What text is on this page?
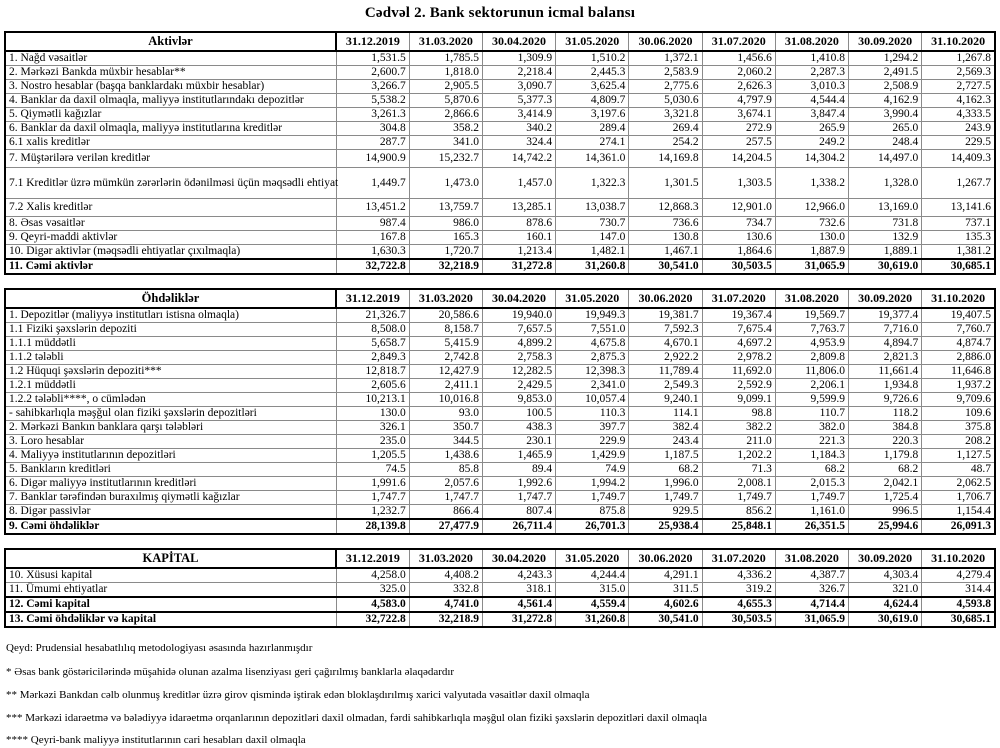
Cədvəl 2. Bank sektorunun icmal balansı
Aktivlər	31.12.2019	31.03.2020	30.04.2020	31.05.2020	30.06.2020	31.07.2020	31.08.2020	30.09.2020	31.10.2020
1. Nağd vəsaitlər	1,531.5	1,785.5	1,309.9	1,510.2	1,372.1	1,456.6	1,410.8	1,294.2	1,267.8
2. Mərkəzi Bankda müxbir hesablar**	2,600.7	1,818.0	2,218.4	2,445.3	2,583.9	2,060.2	2,287.3	2,491.5	2,569.3
3. Nostro hesablar (başqa banklardakı müxbir hesablar)	3,266.7	2,905.5	3,090.7	3,625.4	2,775.6	2,626.3	3,010.3	2,508.9	2,727.5
4. Banklar da daxil olmaqla, maliyyə institutlarındakı depozitlər	5,538.2	5,870.6	5,377.3	4,809.7	5,030.6	4,797.9	4,544.4	4,162.9	4,162.3
5. Qiymətli kağızlar	3,261.3	2,866.6	3,414.9	3,197.6	3,321.8	3,674.1	3,847.4	3,990.4	4,333.5
6. Banklar da daxil olmaqla, maliyyə institutlarına kreditlər	304.8	358.2	340.2	289.4	269.4	272.9	265.9	265.0	243.9
6.1 xalis kreditlər	287.7	341.0	324.4	274.1	254.2	257.5	249.2	248.4	229.5
7. Müştərilərə verilən kreditlər	14,900.9	15,232.7	14,742.2	14,361.0	14,169.8	14,204.5	14,304.2	14,497.0	14,409.3
7.1 Kreditlər üzrə mümkün zərərlərin ödənilməsi üçün məqsədli ehtiyat	1,449.7	1,473.0	1,457.0	1,322.3	1,301.5	1,303.5	1,338.2	1,328.0	1,267.7
7.2 Xalis kreditlər	13,451.2	13,759.7	13,285.1	13,038.7	12,868.3	12,901.0	12,966.0	13,169.0	13,141.6
8. Əsas vəsaitlər	987.4	986.0	878.6	730.7	736.6	734.7	732.6	731.8	737.1
9. Qeyri-maddi aktivlər	167.8	165.3	160.1	147.0	130.8	130.6	130.0	132.9	135.3
10. Digər aktivlər (məqsədli ehtiyatlar çıxılmaqla)	1,630.3	1,720.7	1,213.4	1,482.1	1,467.1	1,864.6	1,887.9	1,889.1	1,381.2
11. Cəmi aktivlər	32,722.8	32,218.9	31,272.8	31,260.8	30,541.0	30,503.5	31,065.9	30,619.0	30,685.1
Öhdəliklər	31.12.2019	31.03.2020	30.04.2020	31.05.2020	30.06.2020	31.07.2020	31.08.2020	30.09.2020	31.10.2020
1. Depozitlər (maliyyə institutları istisna olmaqla)	21,326.7	20,586.6	19,940.0	19,949.3	19,381.7	19,367.4	19,569.7	19,377.4	19,407.5
1.1 Fiziki şəxslərin depoziti	8,508.0	8,158.7	7,657.5	7,551.0	7,592.3	7,675.4	7,763.7	7,716.0	7,760.7
1.1.1 müddətli	5,658.7	5,415.9	4,899.2	4,675.8	4,670.1	4,697.2	4,953.9	4,894.7	4,874.7
1.1.2 tələbli	2,849.3	2,742.8	2,758.3	2,875.3	2,922.2	2,978.2	2,809.8	2,821.3	2,886.0
1.2 Hüquqi şəxslərin depoziti***	12,818.7	12,427.9	12,282.5	12,398.3	11,789.4	11,692.0	11,806.0	11,661.4	11,646.8
1.2.1 müddətli	2,605.6	2,411.1	2,429.5	2,341.0	2,549.3	2,592.9	2,206.1	1,934.8	1,937.2
1.2.2 tələbli****, o cümlədən	10,213.1	10,016.8	9,853.0	10,057.4	9,240.1	9,099.1	9,599.9	9,726.6	9,709.6
- sahibkarlıqla məşğul olan fiziki şəxslərin depozitləri	130.0	93.0	100.5	110.3	114.1	98.8	110.7	118.2	109.6
2. Mərkəzi Bankın banklara qarşı tələbləri	326.1	350.7	438.3	397.7	382.4	382.2	382.0	384.8	375.8
3. Loro hesablar	235.0	344.5	230.1	229.9	243.4	211.0	221.3	220.3	208.2
4. Maliyyə institutlarının depozitləri	1,205.5	1,438.6	1,465.9	1,429.9	1,187.5	1,202.2	1,184.3	1,179.8	1,127.5
5. Bankların kreditləri	74.5	85.8	89.4	74.9	68.2	71.3	68.2	68.2	48.7
6. Digər maliyyə institutlarının kreditləri	1,991.6	2,057.6	1,992.6	1,994.2	1,996.0	2,008.1	2,015.3	2,042.1	2,062.5
7. Banklar tərəfindən buraxılmış qiymətli kağızlar	1,747.7	1,747.7	1,747.7	1,749.7	1,749.7	1,749.7	1,749.7	1,725.4	1,706.7
8. Digər passivlər	1,232.7	866.4	807.4	875.8	929.5	856.2	1,161.0	996.5	1,154.4
9. Cəmi öhdəliklər	28,139.8	27,477.9	26,711.4	26,701.3	25,938.4	25,848.1	26,351.5	25,994.6	26,091.3
KAPİTAL	31.12.2019	31.03.2020	30.04.2020	31.05.2020	30.06.2020	31.07.2020	31.08.2020	30.09.2020	31.10.2020
10. Xüsusi kapital	4,258.0	4,408.2	4,243.3	4,244.4	4,291.1	4,336.2	4,387.7	4,303.4	4,279.4
11. Ümumi ehtiyatlar	325.0	332.8	318.1	315.0	311.5	319.2	326.7	321.0	314.4
12. Cəmi kapital	4,583.0	4,741.0	4,561.4	4,559.4	4,602.6	4,655.3	4,714.4	4,624.4	4,593.8
13. Cəmi öhdəliklər və kapital	32,722.8	32,218.9	31,272.8	31,260.8	30,541.0	30,503.5	31,065.9	30,619.0	30,685.1
Qeyd: Prudensial hesabatlılıq metodologiyası əsasında hazırlanmışdır
* Əsas bank göstəricilərində müşahidə olunan azalma lisenziyası geri çağırılmış banklarla əlaqədardır
** Mərkəzi Bankdan cəlb olunmuş kreditlər üzrə girov qismində iştirak edən bloklaşdırılmış xarici valyutada vəsaitlər daxil olmaqla
*** Mərkəzi idarəetmə və bələdiyyə idarəetmə orqanlarının depozitləri daxil olmadan, fərdi sahibkarlıqla məşğul olan fiziki şəxslərin depozitləri daxil olmaqla
**** Qeyri-bank maliyyə institutlarının cari hesabları daxil olmaqla
